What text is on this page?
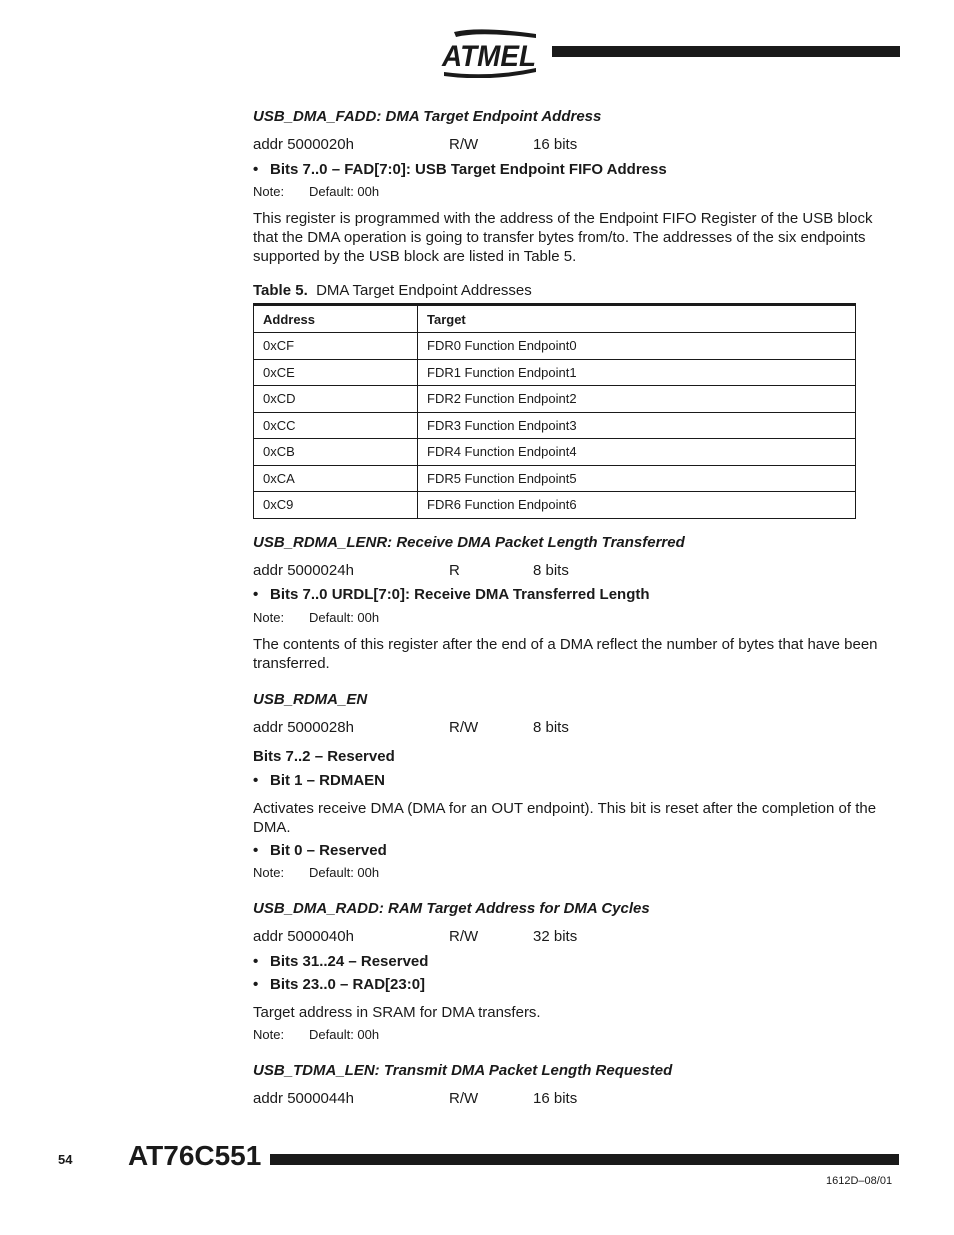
ATMEL
USB_DMA_FADD: DMA Target Endpoint Address
addr 5000020h	R/W	16 bits
• Bits 7..0 – FAD[7:0]: USB Target Endpoint FIFO Address
Note: Default: 00h
This register is programmed with the address of the Endpoint FIFO Register of the USB block
that the DMA operation is going to transfer bytes from/to. The addresses of the six endpoints
supported by the USB block are listed in Table 5.
Table 5. DMA Target Endpoint Addresses
Address	Target
0xCF	FDR0 Function Endpoint0
0xCE	FDR1 Function Endpoint1
0xCD	FDR2 Function Endpoint2
0xCC	FDR3 Function Endpoint3
0xCB	FDR4 Function Endpoint4
0xCA	FDR5 Function Endpoint5
0xC9	FDR6 Function Endpoint6
USB_RDMA_LENR: Receive DMA Packet Length Transferred
addr 5000024h	R	8 bits
• Bits 7..0 URDL[7:0]: Receive DMA Transferred Length
Note: Default: 00h
The contents of this register after the end of a DMA reflect the number of bytes that have been
transferred.
USB_RDMA_EN
addr 5000028h	R/W	8 bits
Bits 7..2 – Reserved
• Bit 1 – RDMAEN
Activates receive DMA (DMA for an OUT endpoint). This bit is reset after the completion of the
DMA.
• Bit 0 – Reserved
Note: Default: 00h
USB_DMA_RADD: RAM Target Address for DMA Cycles
addr 5000040h	R/W	32 bits
• Bits 31..24 – Reserved
• Bits 23..0 – RAD[23:0]
Target address in SRAM for DMA transfers.
Note: Default: 00h
USB_TDMA_LEN: Transmit DMA Packet Length Requested
addr 5000044h	R/W	16 bits
54 AT76C551
1612D–08/01
